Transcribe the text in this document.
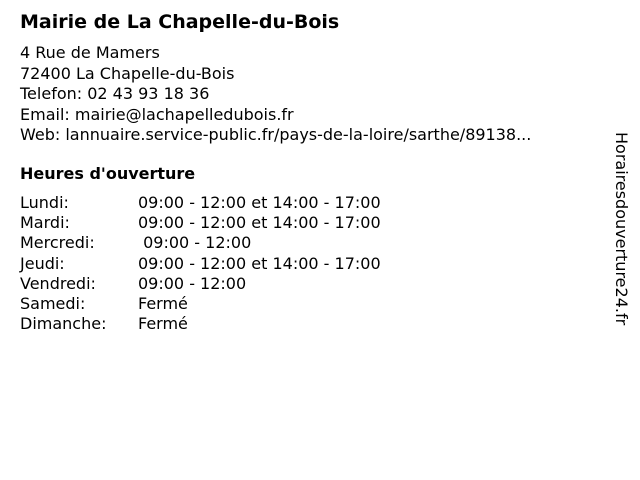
Mairie de La Chapelle-du-Bois
4 Rue de Mamers
72400 La Chapelle-du-Bois
Telefon: 02 43 93 18 36
Email: mairie@lachapelledubois.fr
Web: lannuaire.service-public.fr/pays-de-la-loire/sarthe/89138...
Heures d'ouverture
Lundi:	09:00 - 12:00 et 14:00 - 17:00
Mardi:	09:00 - 12:00 et 14:00 - 17:00
Mercredi:	09:00 - 12:00
Jeudi:	09:00 - 12:00 et 14:00 - 17:00
Vendredi:	09:00 - 12:00
Samedi:	Fermé
Dimanche:	Fermé	Horairesdouverture24.fr
